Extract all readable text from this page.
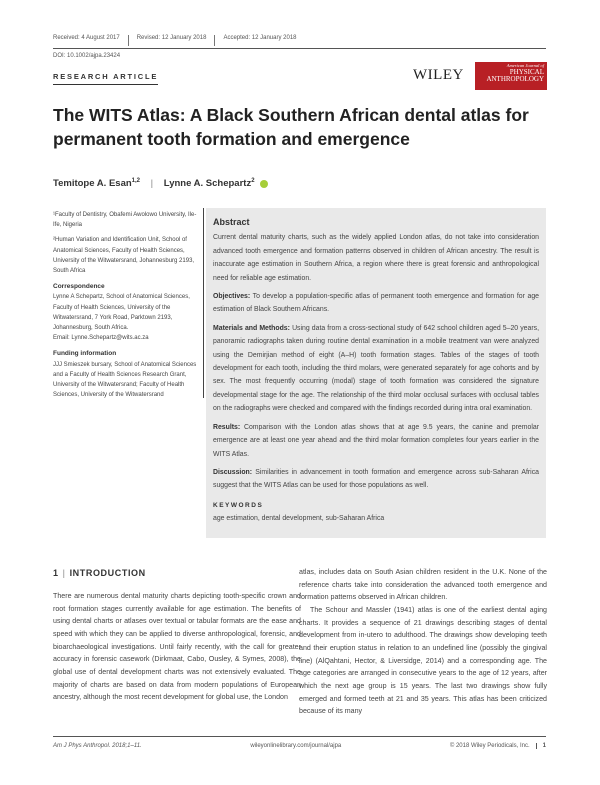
Received: 4 August 2017	Revised: 12 January 2018	Accepted: 12 January 2018
DOI: 10.1002/ajpa.23424
RESEARCH ARTICLE	WILEY
American Journal of
PHYSICAL
ANTHROPOLOGY
The WITS Atlas: A Black Southern African dental atlas for permanent tooth formation and emergence
Temitope A. Esan$^{1,2}$ | Lynne A. Schepartz$^2$

¹Faculty of Dentistry, Obafemi Awolowo University, Ile-Ife, Nigeria

²Human Variation and Identification Unit, School of Anatomical Sciences, Faculty of Health Sciences, University of the Witwatersrand, Johannesburg 2193, South Africa

Correspondence
Lynne A Schepartz, School of Anatomical Sciences, Faculty of Health Sciences, University of the Witwatersrand, 7 York Road, Parktown 2193, Johannesburg, South Africa.

Email: Lynne.Schepartz@wits.ac.za

Funding information

JJJ Smieszek bursary, School of Anatomical Sciences and a Faculty of Health Sciences Research Grant, University of the Witwatersrand; Faculty of Health Sciences, University of the Witwatersrand

Abstract

Current dental maturity charts, such as the widely applied London atlas, do not take into consideration advanced tooth emergence and formation patterns observed in children of African ancestry. The result is inaccurate age estimation in Southern Africa, a region where there is great forensic and anthropological need for reliable age estimation.

Objectives: To develop a population-specific atlas of permanent tooth emergence and formation for age estimation of Black Southern Africans.

Materials and Methods: Using data from a cross-sectional study of 642 school children aged 5–20 years, panoramic radiographs taken during routine dental examination in a mobile treatment van were analyzed using the Demirjian method of eight (A–H) tooth formation stages. Tables of the stages of tooth development for each tooth, including the third molars, were generated separately for age cohorts and by sex. The most frequently occurring (modal) stage of tooth formation was considered the signature developmental stage for the age. The relationship of the third molar occlusal surfaces with occlusal tables on the radiographs were checked and compared with the findings recorded during intra oral examination.

Results: Comparison with the London atlas shows that at age 9.5 years, the canine and premolar emergence are at least one year ahead and the third molar formation completes four years earlier in the WITS Atlas.

Discussion: Similarities in advancement in tooth formation and emergence across sub-Saharan Africa suggest that the WITS Atlas can be used for those populations as well.

KEYWORDS
age estimation, dental development, sub-Saharan Africa
1 | INTRODUCTION

There are numerous dental maturity charts depicting tooth-specific crown and root formation stages currently available for age estimation. The benefits of using dental charts or atlases over textual or tabular formats are the ease and speed with which they can be applied to diverse anthropological, forensic, and bioarchaeological investigations. Until fairly recently, with the call for greater accuracy in forensic casework (Dirkmaat, Cabo, Ousley, & Symes, 2008), the global use of dental development charts was not extensively evaluated. The majority of charts are based on data from modern populations of European ancestry, although the most recent development for global use, the London

atlas, includes data on South Asian children resident in the U.K. None of the reference charts take into consideration the advanced tooth emergence and formation patterns observed in African children.

The Schour and Massler (1941) atlas is one of the earliest dental aging charts. It provides a sequence of 21 drawings describing stages of dental development from in-utero to adulthood. The drawings show developing teeth and their eruption status in relation to an undefined line (possibly the gingival line) (AlQahtani, Hector, & Liversidge, 2014) and a corresponding age. The age categories are arranged in consecutive years to the age of 12 years, after which the next age group is 15 years. The last two drawings show fully emerged and formed teeth at 21 and 35 years. This atlas has been criticized because of its many

Am J Phys Anthropol. 2018;1–11.	wileyonlinelibrary.com/journal/ajpa	© 2018 Wiley Periodicals, Inc. 1
